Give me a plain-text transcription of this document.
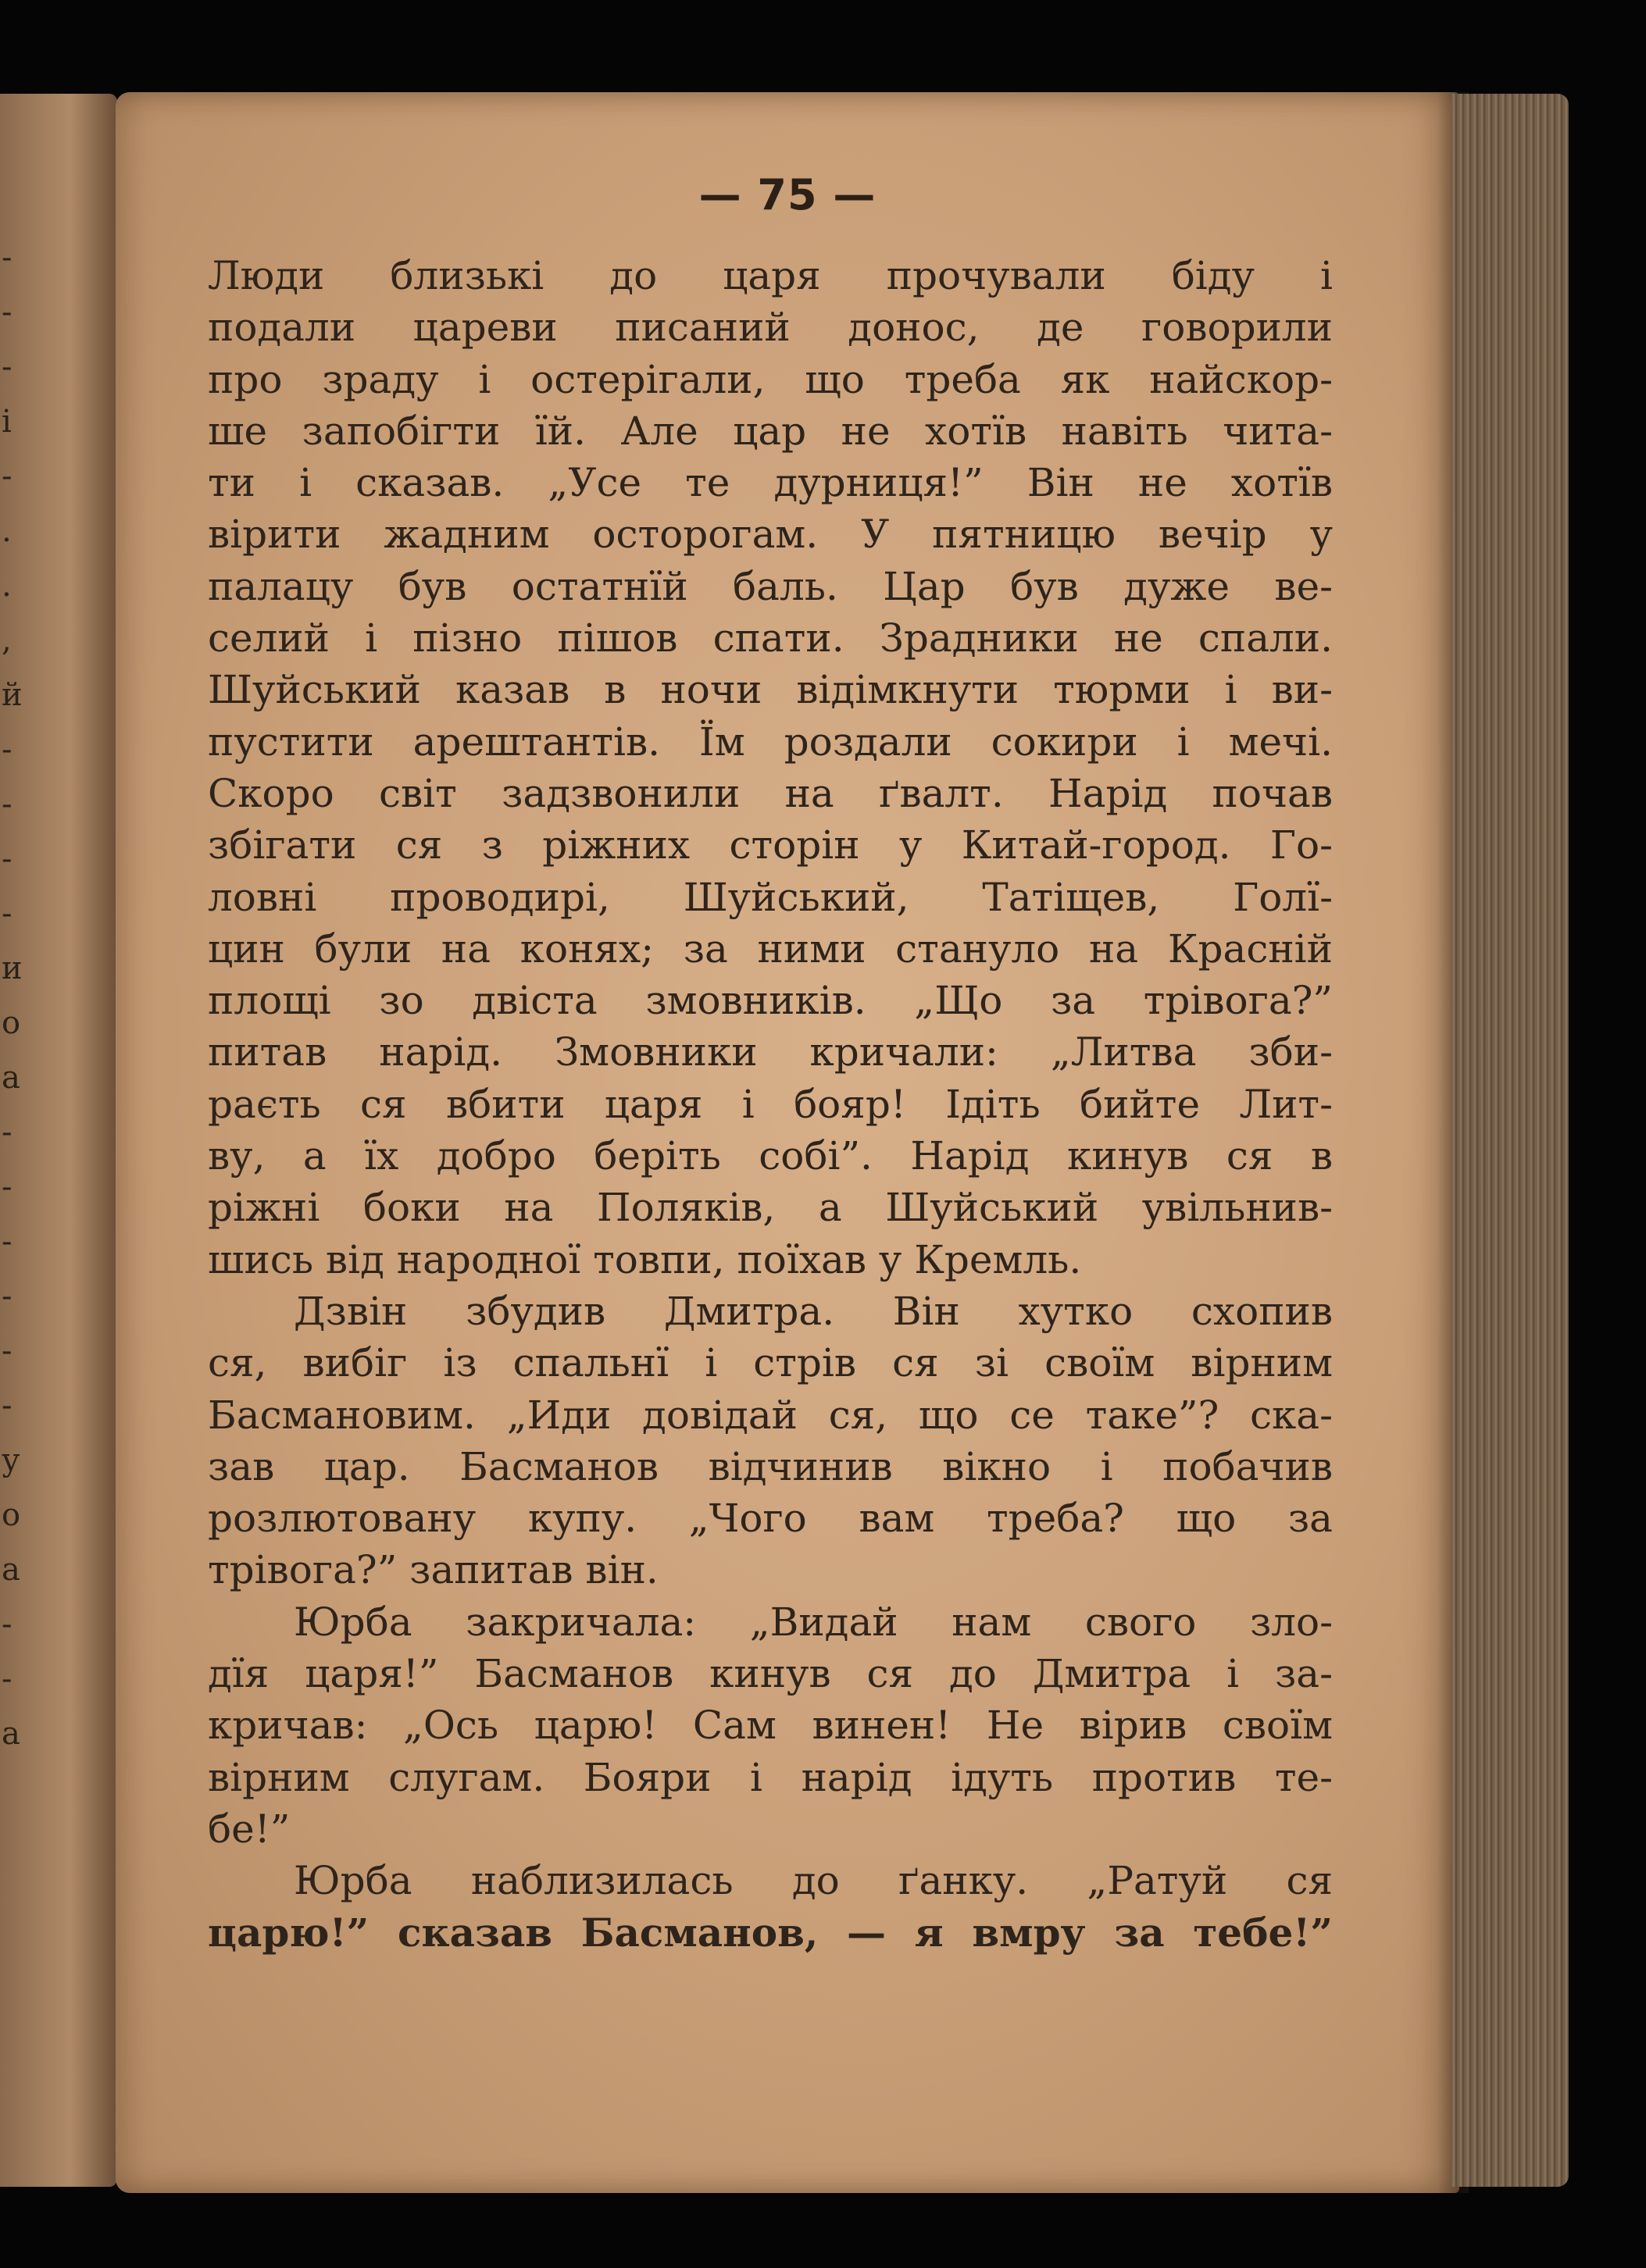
-
-
-
і
-
.
.
,
й
-
-
-
-
и
о
а
-
-
-
-
-
-
у
о
а
-
-
а
— 75 —
Люди близькі до царя прочували біду і
подали цареви писаний донос, де говорили
про зраду і остерігали, що треба як найскор-
ше запобігти їй. Але цар не хотїв навіть чита-
ти і сказав. „Усе те дурниця!” Він не хотїв
вірити жадним осторогам. У пятницю вечір у
палацу був остатнїй баль. Цар був дуже ве-
селий і пізно пішов спати. Зрадники не спали.
Шуйський казав в ночи відімкнути тюрми і ви-
пустити арештантів. Їм роздали сокири і мечі.
Скоро світ задзвонили на ґвалт. Нарід почав
збігати ся з ріжних сторін у Китай-город. Го-
ловні проводирі, Шуйський, Татіщев, Голї-
цин були на конях; за ними стануло на Красній
площі зо двіста змовників. „Що за трівога?”
питав нарід. Змовники кричали: „Литва зби-
раєть ся вбити царя і бояр! Ідіть бийте Лит-
ву, а їх добро беріть собі”. Нарід кинув ся в
ріжні боки на Поляків, а Шуйський увільнив-
шись від народної товпи, поїхав у Кремль.
Дзвін збудив Дмитра. Він хутко схопив
ся, вибіг із спальнї і стрів ся зі своїм вірним
Басмановим. „Иди довідай ся, що се таке”? ска-
зав цар. Басманов відчинив вікно і побачив
розлютовану купу. „Чого вам треба? що за
трівога?” запитав він.
Юрба закричала: „Видай нам свого зло-
дїя царя!” Басманов кинув ся до Дмитра і за-
кричав: „Ось царю! Сам винен! Не вірив своїм
вірним слугам. Бояри і нарід ідуть против те-
бе!”
Юрба наблизилась до ґанку. „Ратуй ся
царю!” сказав Басманов, — я вмру за тебе!”
